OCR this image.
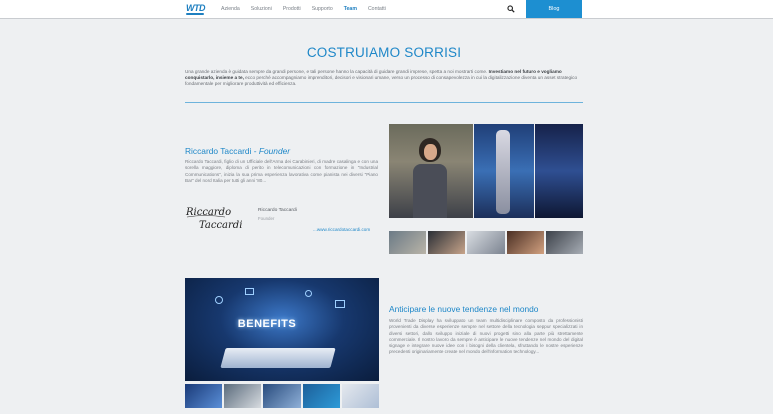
WTD	Azienda Soluzioni Prodotti Supporto Team Contatti	Blog
COSTRUIAMO SORRISI
Una grande azienda è guidata sempre da grandi persone, e tali persone hanno la capacità di guidare grandi imprese, spetta a noi mostrarti come. Investiamo nel futuro e vogliamo conquistarlo, insieme a te, ecco perché accompagniamo imprenditori, decisori e visionari umane, verso un processo di consapevolezza in cui la digitalizzazione diventa un asset strategico fondamentale per migliorare produttività ed efficienza.
Riccardo Taccardi - Founder
Riccardo Taccardi, figlio di un Ufficiale dell'Arma dei Carabinieri, di madre casalinga e con una sorella maggiore, diploma di perito in telecomunicazioni con formazione in "Industrial Communications", inizia la sua prima esperienza lavorativa come pianista nei diversi "Piano Bar" del nord Italia per tutti gli anni '80...
Riccardo
Taccardi
Riccardo Taccardi
Founder
...www.riccardotaccardi.com
BENEFITS
Anticipare le nuove tendenze nel mondo
World Trade Display ha sviluppato un team multidisciplinare composto da professionisti provenienti da diverse esperienze sempre nel settore della tecnologia seppur specializzati in diversi settori, dallo sviluppo iniziale di nuovi progetti sino alla parte più strettamente commerciale. Il nostro lavoro da sempre è anticipare le nuove tendenze nel mondo del digital signage e integrare nuove idee con i bisogni della clientela, sfruttando le nostre esperienze precedenti originariamente create nel mondo dell'information technology...
